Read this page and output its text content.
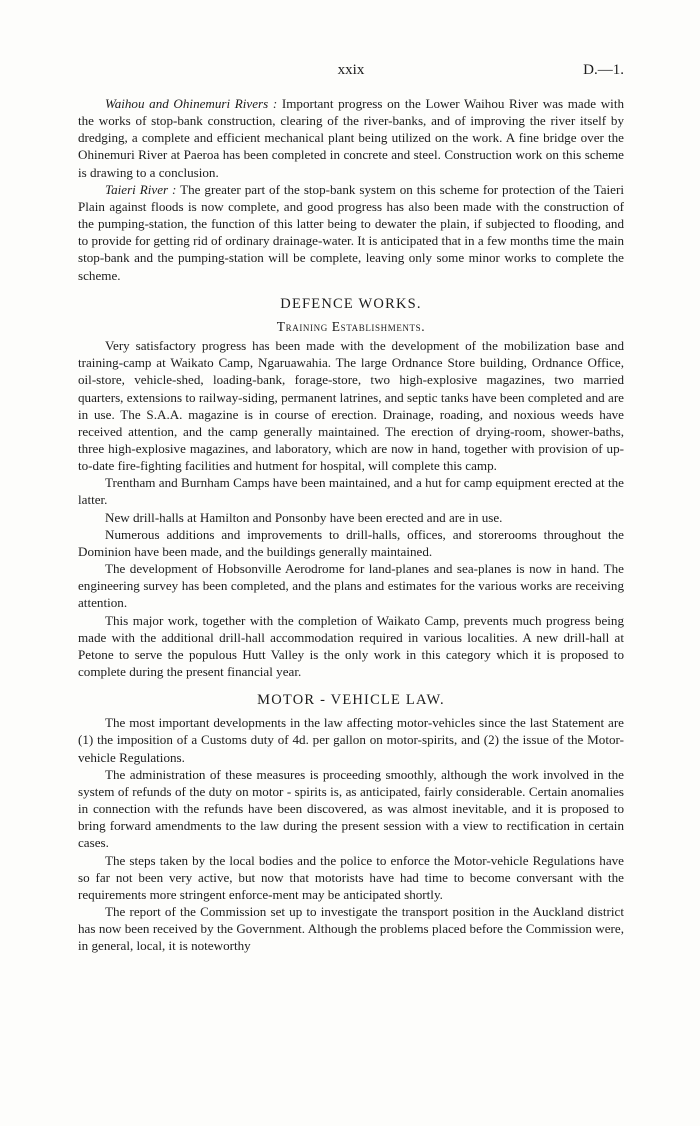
xxix	D.—1.

Waihou and Ohinemuri Rivers : Important progress on the Lower Waihou River was made with the works of stop-bank construction, clearing of the river-banks, and of improving the river itself by dredging, a complete and efficient mechanical plant being utilized on the work. A fine bridge over the Ohinemuri River at Paeroa has been completed in concrete and steel. Construction work on this scheme is drawing to a conclusion.

Taieri River : The greater part of the stop-bank system on this scheme for protection of the Taieri Plain against floods is now complete, and good progress has also been made with the construction of the pumping-station, the function of this latter being to dewater the plain, if subjected to flooding, and to provide for getting rid of ordinary drainage-water. It is anticipated that in a few months time the main stop-bank and the pumping-station will be complete, leaving only some minor works to complete the scheme.

DEFENCE WORKS.
Training Establishments.

Very satisfactory progress has been made with the development of the mobilization base and training-camp at Waikato Camp, Ngaruawahia. The large Ordnance Store building, Ordnance Office, oil-store, vehicle-shed, loading-bank, forage-store, two high-explosive magazines, two married quarters, extensions to railway-siding, permanent latrines, and septic tanks have been completed and are in use. The S.A.A. magazine is in course of erection. Drainage, roading, and noxious weeds have received attention, and the camp generally maintained. The erection of drying-room, shower-baths, three high-explosive magazines, and laboratory, which are now in hand, together with provision of up-to-date fire-fighting facilities and hutment for hospital, will complete this camp.

Trentham and Burnham Camps have been maintained, and a hut for camp equipment erected at the latter.

New drill-halls at Hamilton and Ponsonby have been erected and are in use.

Numerous additions and improvements to drill-halls, offices, and storerooms throughout the Dominion have been made, and the buildings generally maintained.

The development of Hobsonville Aerodrome for land-planes and sea-planes is now in hand. The engineering survey has been completed, and the plans and estimates for the various works are receiving attention.

This major work, together with the completion of Waikato Camp, prevents much progress being made with the additional drill-hall accommodation required in various localities. A new drill-hall at Petone to serve the populous Hutt Valley is the only work in this category which it is proposed to complete during the present financial year.

MOTOR - VEHICLE LAW.

The most important developments in the law affecting motor-vehicles since the last Statement are (1) the imposition of a Customs duty of 4d. per gallon on motor-spirits, and (2) the issue of the Motor-vehicle Regulations.

The administration of these measures is proceeding smoothly, although the work involved in the system of refunds of the duty on motor - spirits is, as anticipated, fairly considerable. Certain anomalies in connection with the refunds have been discovered, as was almost inevitable, and it is proposed to bring forward amendments to the law during the present session with a view to rectification in certain cases.

The steps taken by the local bodies and the police to enforce the Motor-vehicle Regulations have so far not been very active, but now that motorists have had time to become conversant with the requirements more stringent enforce-ment may be anticipated shortly.

The report of the Commission set up to investigate the transport position in the Auckland district has now been received by the Government. Although the problems placed before the Commission were, in general, local, it is noteworthy
